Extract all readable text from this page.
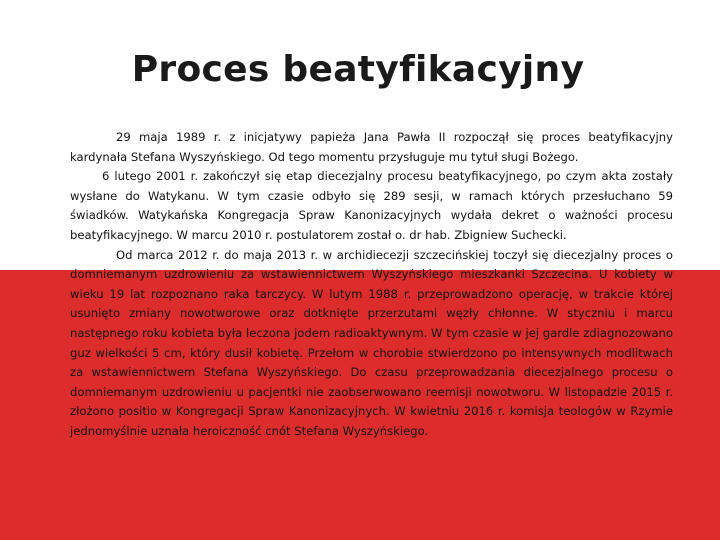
Proces beatyfikacyjny

29 maja 1989 r. z inicjatywy papieża Jana Pawła II rozpoczął się proces beatyfikacyjny kardynała Stefana Wyszyńskiego. Od tego momentu przysługuje mu tytuł sługi Bożego.

6 lutego 2001 r. zakończył się etap diecezjalny procesu beatyfikacyjnego, po czym akta zostały wysłane do Watykanu. W tym czasie odbyło się 289 sesji, w ramach których przesłuchano 59 świadków. Watykańska Kongregacja Spraw Kanonizacyjnych wydała dekret o ważności procesu beatyfikacyjnego. W marcu 2010 r. postulatorem został o. dr hab. Zbigniew Suchecki.

Od marca 2012 r. do maja 2013 r. w archidiecezji szczecińskiej toczył się diecezjalny proces o domniemanym uzdrowieniu za wstawiennictwem Wyszyńskiego mieszkanki Szczecina. U kobiety w wieku 19 lat rozpoznano raka tarczycy. W lutym 1988 r. przeprowadzono operację, w trakcie której usunięto zmiany nowotworowe oraz dotknięte przerzutami węzły chłonne. W styczniu i marcu następnego roku kobieta była leczona jodem radioaktywnym. W tym czasie w jej gardle zdiagnozowano guz wielkości 5 cm, który dusił kobietę. Przełom w chorobie stwierdzono po intensywnych modlitwach za wstawiennictwem Stefana Wyszyńskiego. Do czasu przeprowadzania diecezjalnego procesu o domniemanym uzdrowieniu u pacjentki nie zaobserwowano reemisji nowotworu. W listopadzie 2015 r. złożono positio w Kongregacji Spraw Kanonizacyjnych. W kwietniu 2016 r. komisja teologów w Rzymie jednomyślnie uznała heroiczność cnót Stefana Wyszyńskiego.
